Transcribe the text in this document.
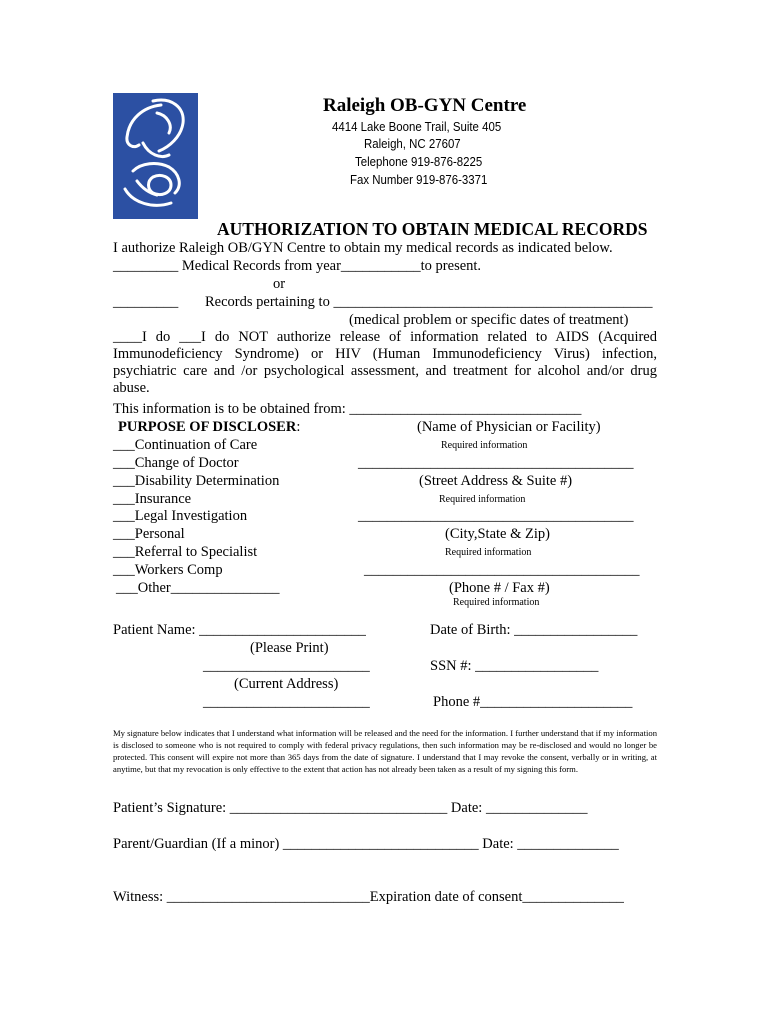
Raleigh OB-GYN Centre
4414 Lake Boone Trail, Suite 405
Raleigh, NC 27607
Telephone 919-876-8225
Fax Number 919-876-3371
AUTHORIZATION TO OBTAIN MEDICAL RECORDS
I authorize Raleigh OB/GYN Centre to obtain my medical records as indicated below.
_________ Medical Records from year___________to present.
or
_________ Records pertaining to ____________________________________________
(medical problem or specific dates of treatment)
____I do ___I do NOT authorize release of information related to AIDS (Acquired Immunodeficiency Syndrome) or HIV (Human Immunodeficiency Virus) infection, psychiatric care and /or psychological assessment, and treatment for alcohol and/or drug abuse.
This information is to be obtained from: ________________________________
PURPOSE OF DISCLOSER:
___Continuation of Care
___Change of Doctor
___Disability Determination
___Insurance
___Legal Investigation
___Personal
___Referral to Specialist
___Workers Comp
___Other_______________
(Name of Physician or Facility)
Required information
______________________________________
(Street Address & Suite #)
Required information
______________________________________
(City,State & Zip)
Required information
______________________________________
(Phone # / Fax #)
Required information
Patient Name: _______________________
(Please Print)
_______________________
(Current Address)
_______________________
Date of Birth: _________________
SSN #: _________________
Phone #_____________________
My signature below indicates that I understand what information will be released and the need for the information. I further understand that if my information is disclosed to someone who is not required to comply with federal privacy regulations, then such information may be re-disclosed and would no longer be protected. This consent will expire not more than 365 days from the date of signature. I understand that I may revoke the consent, verbally or in writing, at anytime, but that my revocation is only effective to the extent that action has not already been taken as a result of my signing this form.
Patient’s Signature: ______________________________ Date: ______________
Parent/Guardian (If a minor) ___________________________ Date: ______________
Witness: ____________________________Expiration date of consent______________
